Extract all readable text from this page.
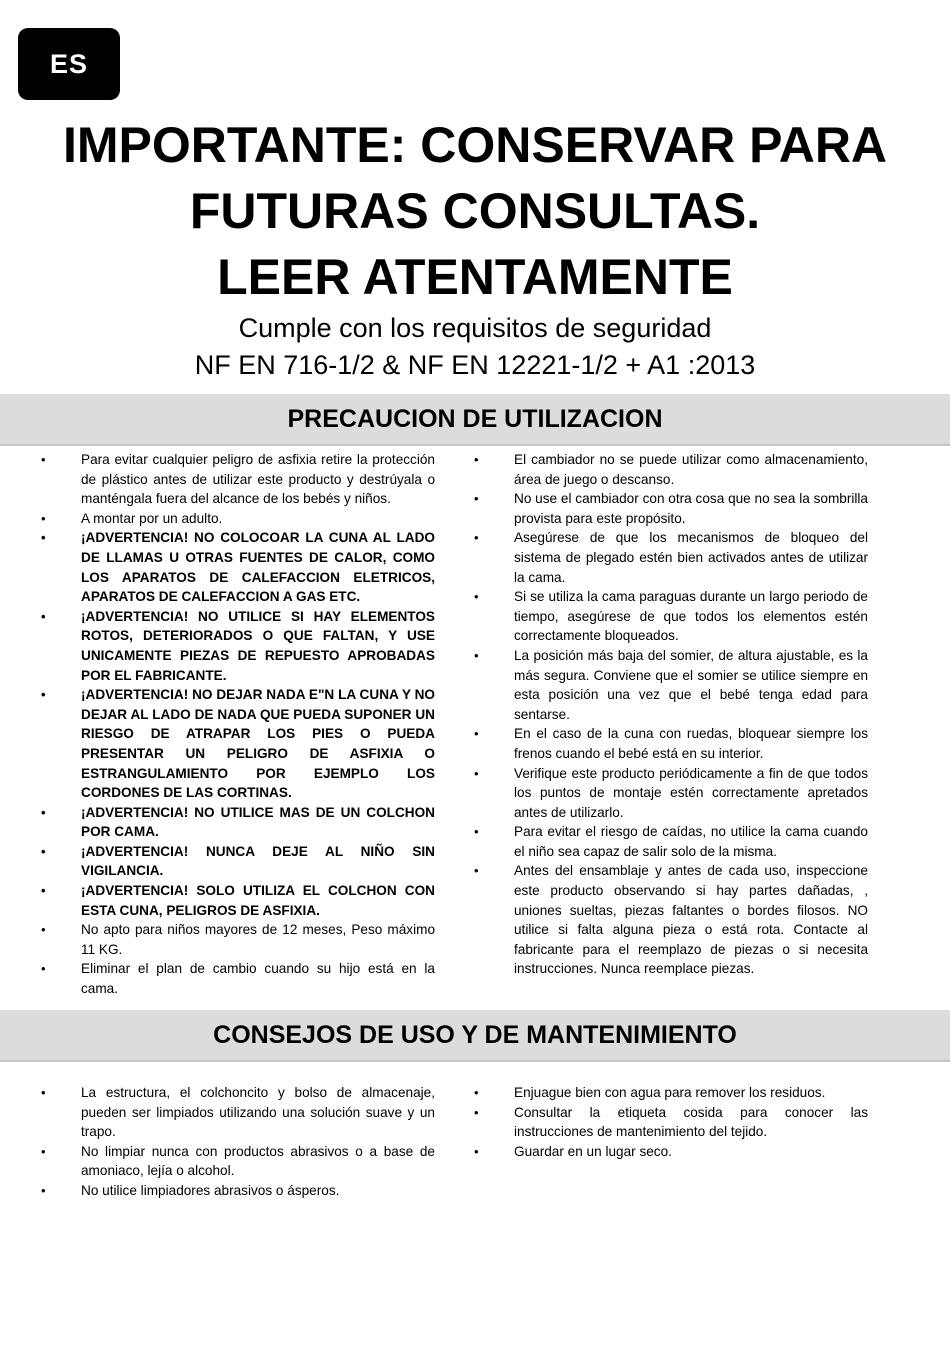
ES
IMPORTANTE: CONSERVAR PARA
FUTURAS CONSULTAS.
LEER ATENTAMENTE
Cumple con los requisitos de seguridad
NF EN 716-1/2 & NF EN 12221-1/2 + A1 :2013
PRECAUCION DE UTILIZACION
• Para evitar cualquier peligro de asfixia retire la protección de plástico antes de utilizar este producto y destrúyala o manténgala fuera del alcance de los bebés y niños.
• A montar por un adulto.
• ¡ADVERTENCIA! NO COLOCOAR LA CUNA AL LADO DE LLAMAS U OTRAS FUENTES DE CALOR, COMO LOS APARATOS DE CALEFACCION ELETRICOS, APARATOS DE CALEFACCION A GAS ETC.
• ¡ADVERTENCIA! NO UTILICE SI HAY ELEMENTOS ROTOS, DETERIORADOS O QUE FALTAN, Y USE UNICAMENTE PIEZAS DE REPUESTO APROBADAS POR EL FABRICANTE.
• ¡ADVERTENCIA! NO DEJAR NADA E"N LA CUNA Y NO DEJAR AL LADO DE NADA QUE PUEDA SUPONER UN RIESGO DE ATRAPAR LOS PIES O PUEDA PRESENTAR UN PELIGRO DE ASFIXIA O ESTRANGULAMIENTO POR EJEMPLO LOS CORDONES DE LAS CORTINAS.
• ¡ADVERTENCIA! NO UTILICE MAS DE UN COLCHON POR CAMA.
• ¡ADVERTENCIA! NUNCA DEJE AL NIÑO SIN VIGILANCIA.
• ¡ADVERTENCIA! SOLO UTILIZA EL COLCHON CON ESTA CUNA, PELIGROS DE ASFIXIA.
• No apto para niños mayores de 12 meses, Peso máximo 11 KG.
• Eliminar el plan de cambio cuando su hijo está en la cama.
• El cambiador no se puede utilizar como almacenamiento, área de juego o descanso.
• No use el cambiador con otra cosa que no sea la sombrilla provista para este propósito.
• Asegúrese de que los mecanismos de bloqueo del sistema de plegado estén bien activados antes de utilizar la cama.
• Si se utiliza la cama paraguas durante un largo periodo de tiempo, asegúrese de que todos los elementos estén correctamente bloqueados.
• La posición más baja del somier, de altura ajustable, es la más segura. Conviene que el somier se utilice siempre en esta posición una vez que el bebé tenga edad para sentarse.
• En el caso de la cuna con ruedas, bloquear siempre los frenos cuando el bebé está en su interior.
• Verifique este producto periódicamente a fin de que todos los puntos de montaje estén correctamente apretados antes de utilizarlo.
• Para evitar el riesgo de caídas, no utilice la cama cuando el niño sea capaz de salir solo de la misma.
• Antes del ensamblaje y antes de cada uso, inspeccione este producto observando si hay partes dañadas, , uniones sueltas, piezas faltantes o bordes filosos. NO utilice si falta alguna pieza o está rota. Contacte al fabricante para el reemplazo de piezas o si necesita instrucciones. Nunca reemplace piezas.
CONSEJOS DE USO Y DE MANTENIMIENTO
• La estructura, el colchoncito y bolso de almacenaje, pueden ser limpiados utilizando una solución suave y un trapo.
• No limpiar nunca con productos abrasivos o a base de amoniaco, lejía o alcohol.
• No utilice limpiadores abrasivos o ásperos.
• Enjuague bien con agua para remover los residuos.
• Consultar la etiqueta cosida para conocer las instrucciones de mantenimiento del tejido.
• Guardar en un lugar seco.
